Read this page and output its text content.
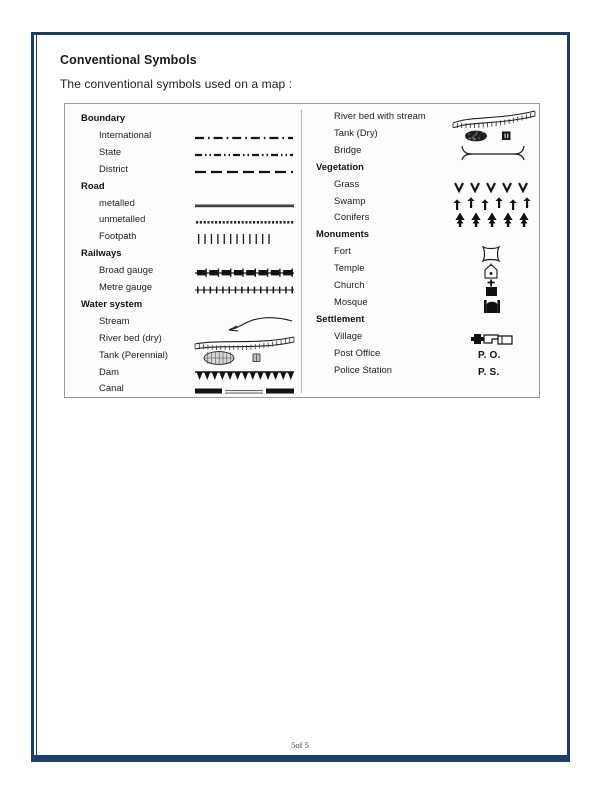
Conventional Symbols
The conventional symbols used on a map :
Boundary
International
State
District
Road
metalled
unmetalled
Footpath
Railways
Broad gauge
Metre gauge
Water system
Stream
River bed (dry)
Tank (Perennial)
Dam
Canal
River bed with stream
Tank (Dry)
Bridge
Vegetation
Grass
Swamp
Conifers
Monuments
Fort
Temple
Church
Mosque
Settlement
Village
Post Office	P. O.
Police Station	P. S.
5of 5
